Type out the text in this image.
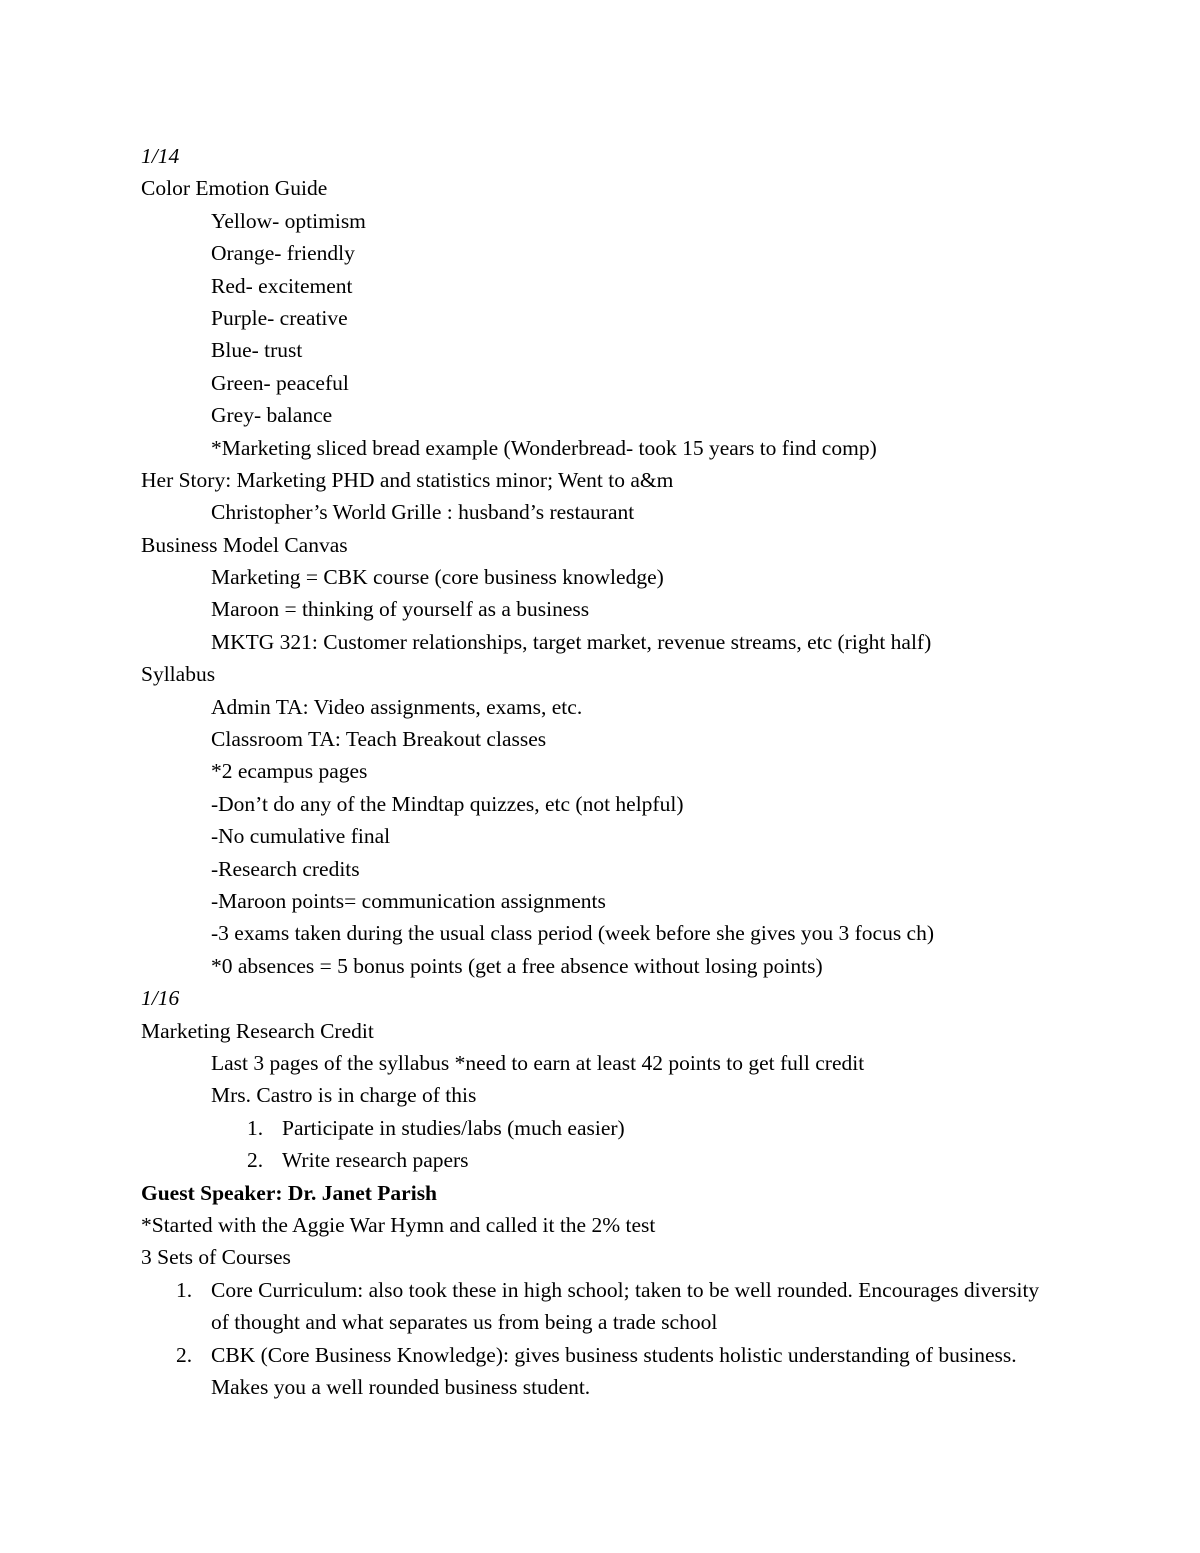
1/14
Color Emotion Guide
Yellow- optimism
Orange- friendly
Red- excitement
Purple- creative
Blue- trust
Green- peaceful
Grey- balance
*Marketing sliced bread example (Wonderbread- took 15 years to find comp)
Her Story: Marketing PHD and statistics minor; Went to a&m
Christopher’s World Grille : husband’s restaurant
Business Model Canvas
Marketing = CBK course (core business knowledge)
Maroon = thinking of yourself as a business
MKTG 321: Customer relationships, target market, revenue streams, etc (right half)
Syllabus
Admin TA: Video assignments, exams, etc.
Classroom TA: Teach Breakout classes
*2 ecampus pages
-Don’t do any of the Mindtap quizzes, etc (not helpful)
-No cumulative final
-Research credits
-Maroon points= communication assignments
-3 exams taken during the usual class period (week before she gives you 3 focus ch)
*0 absences = 5 bonus points (get a free absence without losing points)
1/16
Marketing Research Credit
Last 3 pages of the syllabus *need to earn at least 42 points to get full credit
Mrs. Castro is in charge of this
1. Participate in studies/labs (much easier)
2. Write research papers
Guest Speaker: Dr. Janet Parish
*Started with the Aggie War Hymn and called it the 2% test
3 Sets of Courses
1. Core Curriculum: also took these in high school; taken to be well rounded. Encourages diversity of thought and what separates us from being a trade school
2. CBK (Core Business Knowledge): gives business students holistic understanding of business. Makes you a well rounded business student.
